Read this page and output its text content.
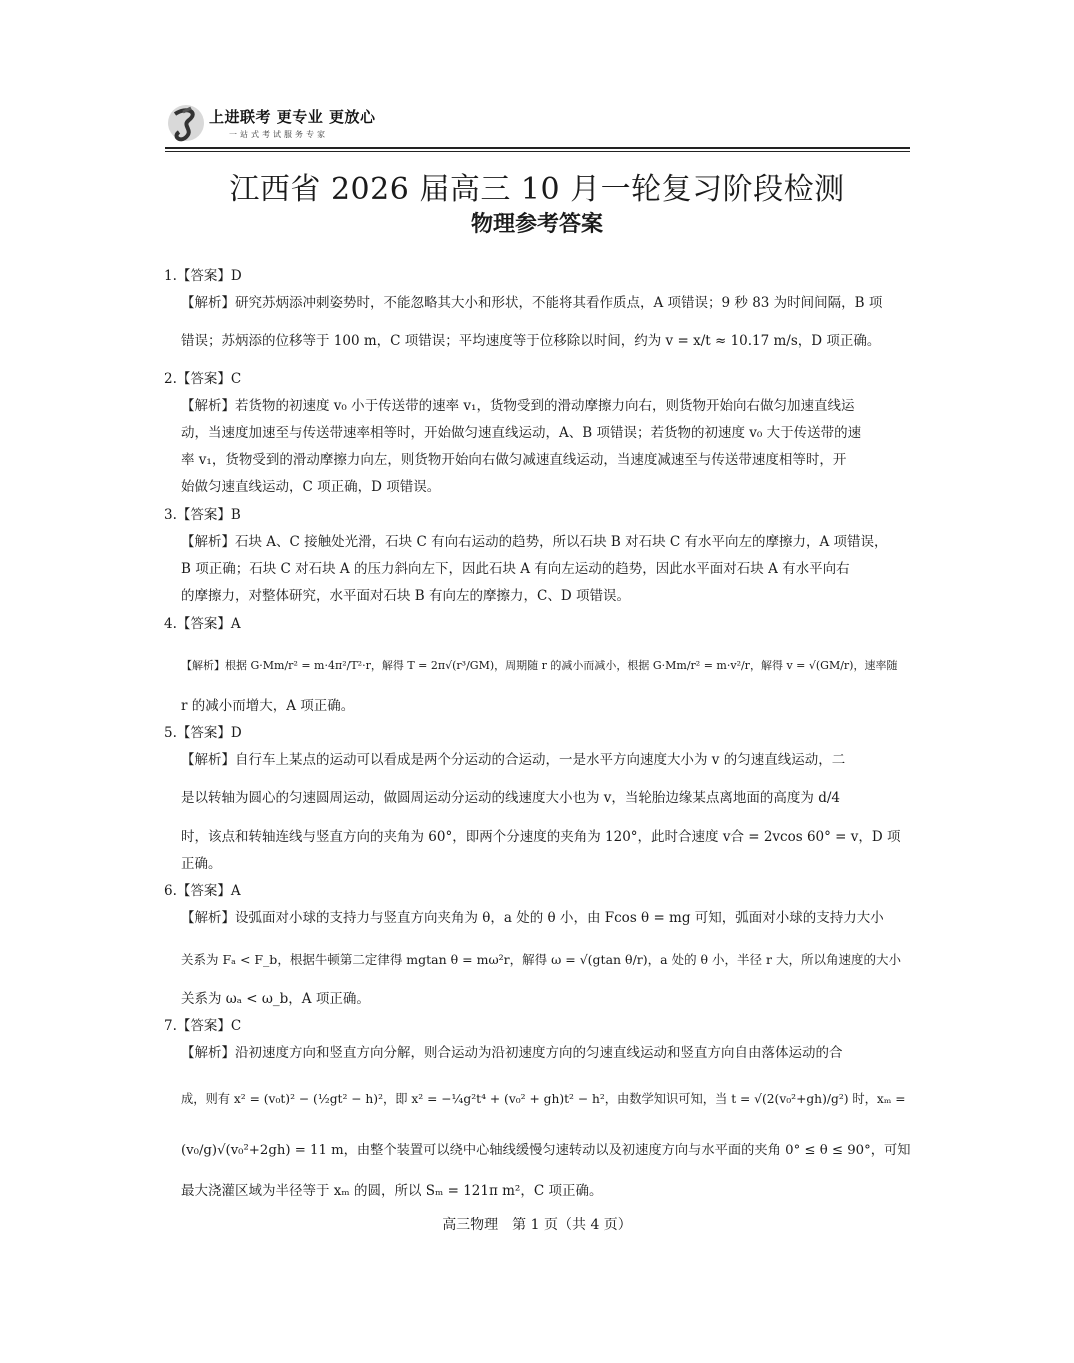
上进联考 更专业 更放心
一站式考试服务专家
江西省 2026 届高三 10 月一轮复习阶段检测
物理参考答案
1.【答案】D
【解析】研究苏炳添冲刺姿势时，不能忽略其大小和形状，不能将其看作质点，A 项错误；9 秒 83 为时间间隔，B 项
错误；苏炳添的位移等于 100 m，C 项错误；平均速度等于位移除以时间，约为 v = x/t ≈ 10.17 m/s，D 项正确。
2.【答案】C
【解析】若货物的初速度 v₀ 小于传送带的速率 v₁，货物受到的滑动摩擦力向右，则货物开始向右做匀加速直线运
动，当速度加速至与传送带速率相等时，开始做匀速直线运动，A、B 项错误；若货物的初速度 v₀ 大于传送带的速
率 v₁，货物受到的滑动摩擦力向左，则货物开始向右做匀减速直线运动，当速度减速至与传送带速度相等时，开
始做匀速直线运动，C 项正确，D 项错误。
3.【答案】B
【解析】石块 A、C 接触处光滑，石块 C 有向右运动的趋势，所以石块 B 对石块 C 有水平向左的摩擦力，A 项错误，
B 项正确；石块 C 对石块 A 的压力斜向左下，因此石块 A 有向左运动的趋势，因此水平面对石块 A 有水平向右
的摩擦力，对整体研究，水平面对石块 B 有向左的摩擦力，C、D 项错误。
4.【答案】A
【解析】根据 G·Mm/r² = m·4π²/T²·r，解得 T = 2π√(r³/GM)，周期随 r 的减小而减小，根据 G·Mm/r² = m·v²/r，解得 v = √(GM/r)，速率随
r 的减小而增大，A 项正确。
5.【答案】D
【解析】自行车上某点的运动可以看成是两个分运动的合运动，一是水平方向速度大小为 v 的匀速直线运动，二
是以转轴为圆心的匀速圆周运动，做圆周运动分运动的线速度大小也为 v，当轮胎边缘某点离地面的高度为 d/4
时，该点和转轴连线与竖直方向的夹角为 60°，即两个分速度的夹角为 120°，此时合速度 v合 = 2vcos 60° = v，D 项
正确。
6.【答案】A
【解析】设弧面对小球的支持力与竖直方向夹角为 θ，a 处的 θ 小，由 Fcos θ = mg 可知，弧面对小球的支持力大小
关系为 Fₐ < F_b，根据牛顿第二定律得 mgtan θ = mω²r，解得 ω = √(gtan θ/r)，a 处的 θ 小，半径 r 大，所以角速度的大小
关系为 ωₐ < ω_b，A 项正确。
7.【答案】C
【解析】沿初速度方向和竖直方向分解，则合运动为沿初速度方向的匀速直线运动和竖直方向自由落体运动的合
成，则有 x² = (v₀t)² − (½gt² − h)²，即 x² = −¼g²t⁴ + (v₀² + gh)t² − h²，由数学知识可知，当 t = √(2(v₀²+gh)/g²) 时，xₘ =
(v₀/g)√(v₀²+2gh) = 11 m，由整个装置可以绕中心轴线缓慢匀速转动以及初速度方向与水平面的夹角 0° ≤ θ ≤ 90°，可知
最大浇灌区域为半径等于 xₘ 的圆，所以 Sₘ = 121π m²，C 项正确。
高三物理　第 1 页（共 4 页）
